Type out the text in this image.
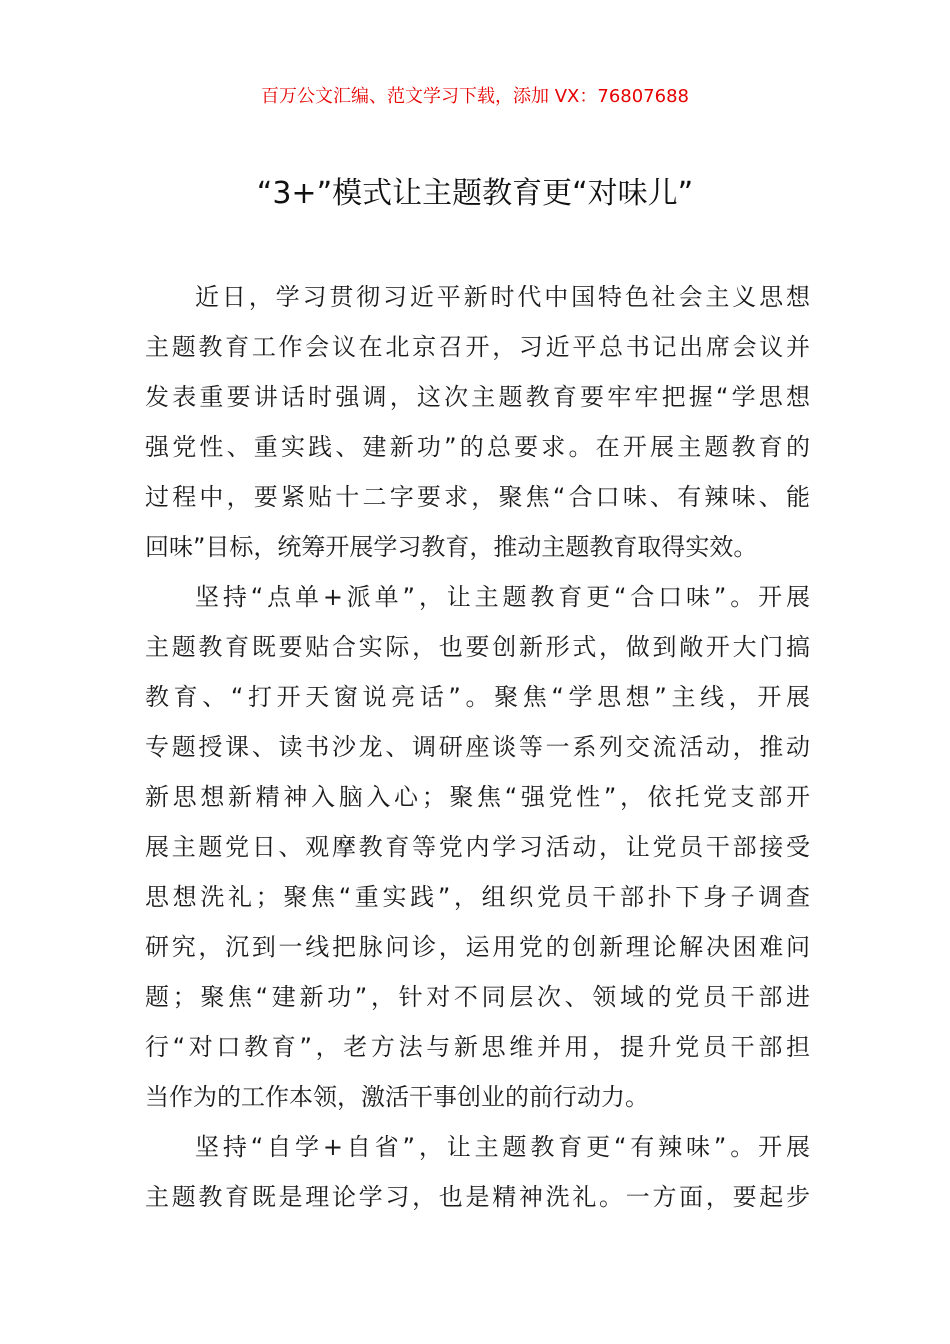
百万公文汇编、范文学习下载，添加 VX：76807688
“3+”模式让主题教育更“对味儿”
近日，学习贯彻习近平新时代中国特色社会主义思想
主题教育工作会议在北京召开，习近平总书记出席会议并
发表重要讲话时强调，这次主题教育要牢牢把握“学思想
强党性、重实践、建新功”的总要求。在开展主题教育的
过程中，要紧贴十二字要求，聚焦“合口味、有辣味、能
回味”目标，统筹开展学习教育，推动主题教育取得实效。
坚持“点单+派单”，让主题教育更“合口味”。开展
主题教育既要贴合实际，也要创新形式，做到敞开大门搞
教育、“打开天窗说亮话”。聚焦“学思想”主线，开展
专题授课、读书沙龙、调研座谈等一系列交流活动，推动
新思想新精神入脑入心；聚焦“强党性”，依托党支部开
展主题党日、观摩教育等党内学习活动，让党员干部接受
思想洗礼；聚焦“重实践”，组织党员干部扑下身子调查
研究，沉到一线把脉问诊，运用党的创新理论解决困难问
题；聚焦“建新功”，针对不同层次、领域的党员干部进
行“对口教育”，老方法与新思维并用，提升党员干部担
当作为的工作本领，激活干事创业的前行动力。
坚持“自学+自省”，让主题教育更“有辣味”。开展
主题教育既是理论学习，也是精神洗礼。一方面，要起步
